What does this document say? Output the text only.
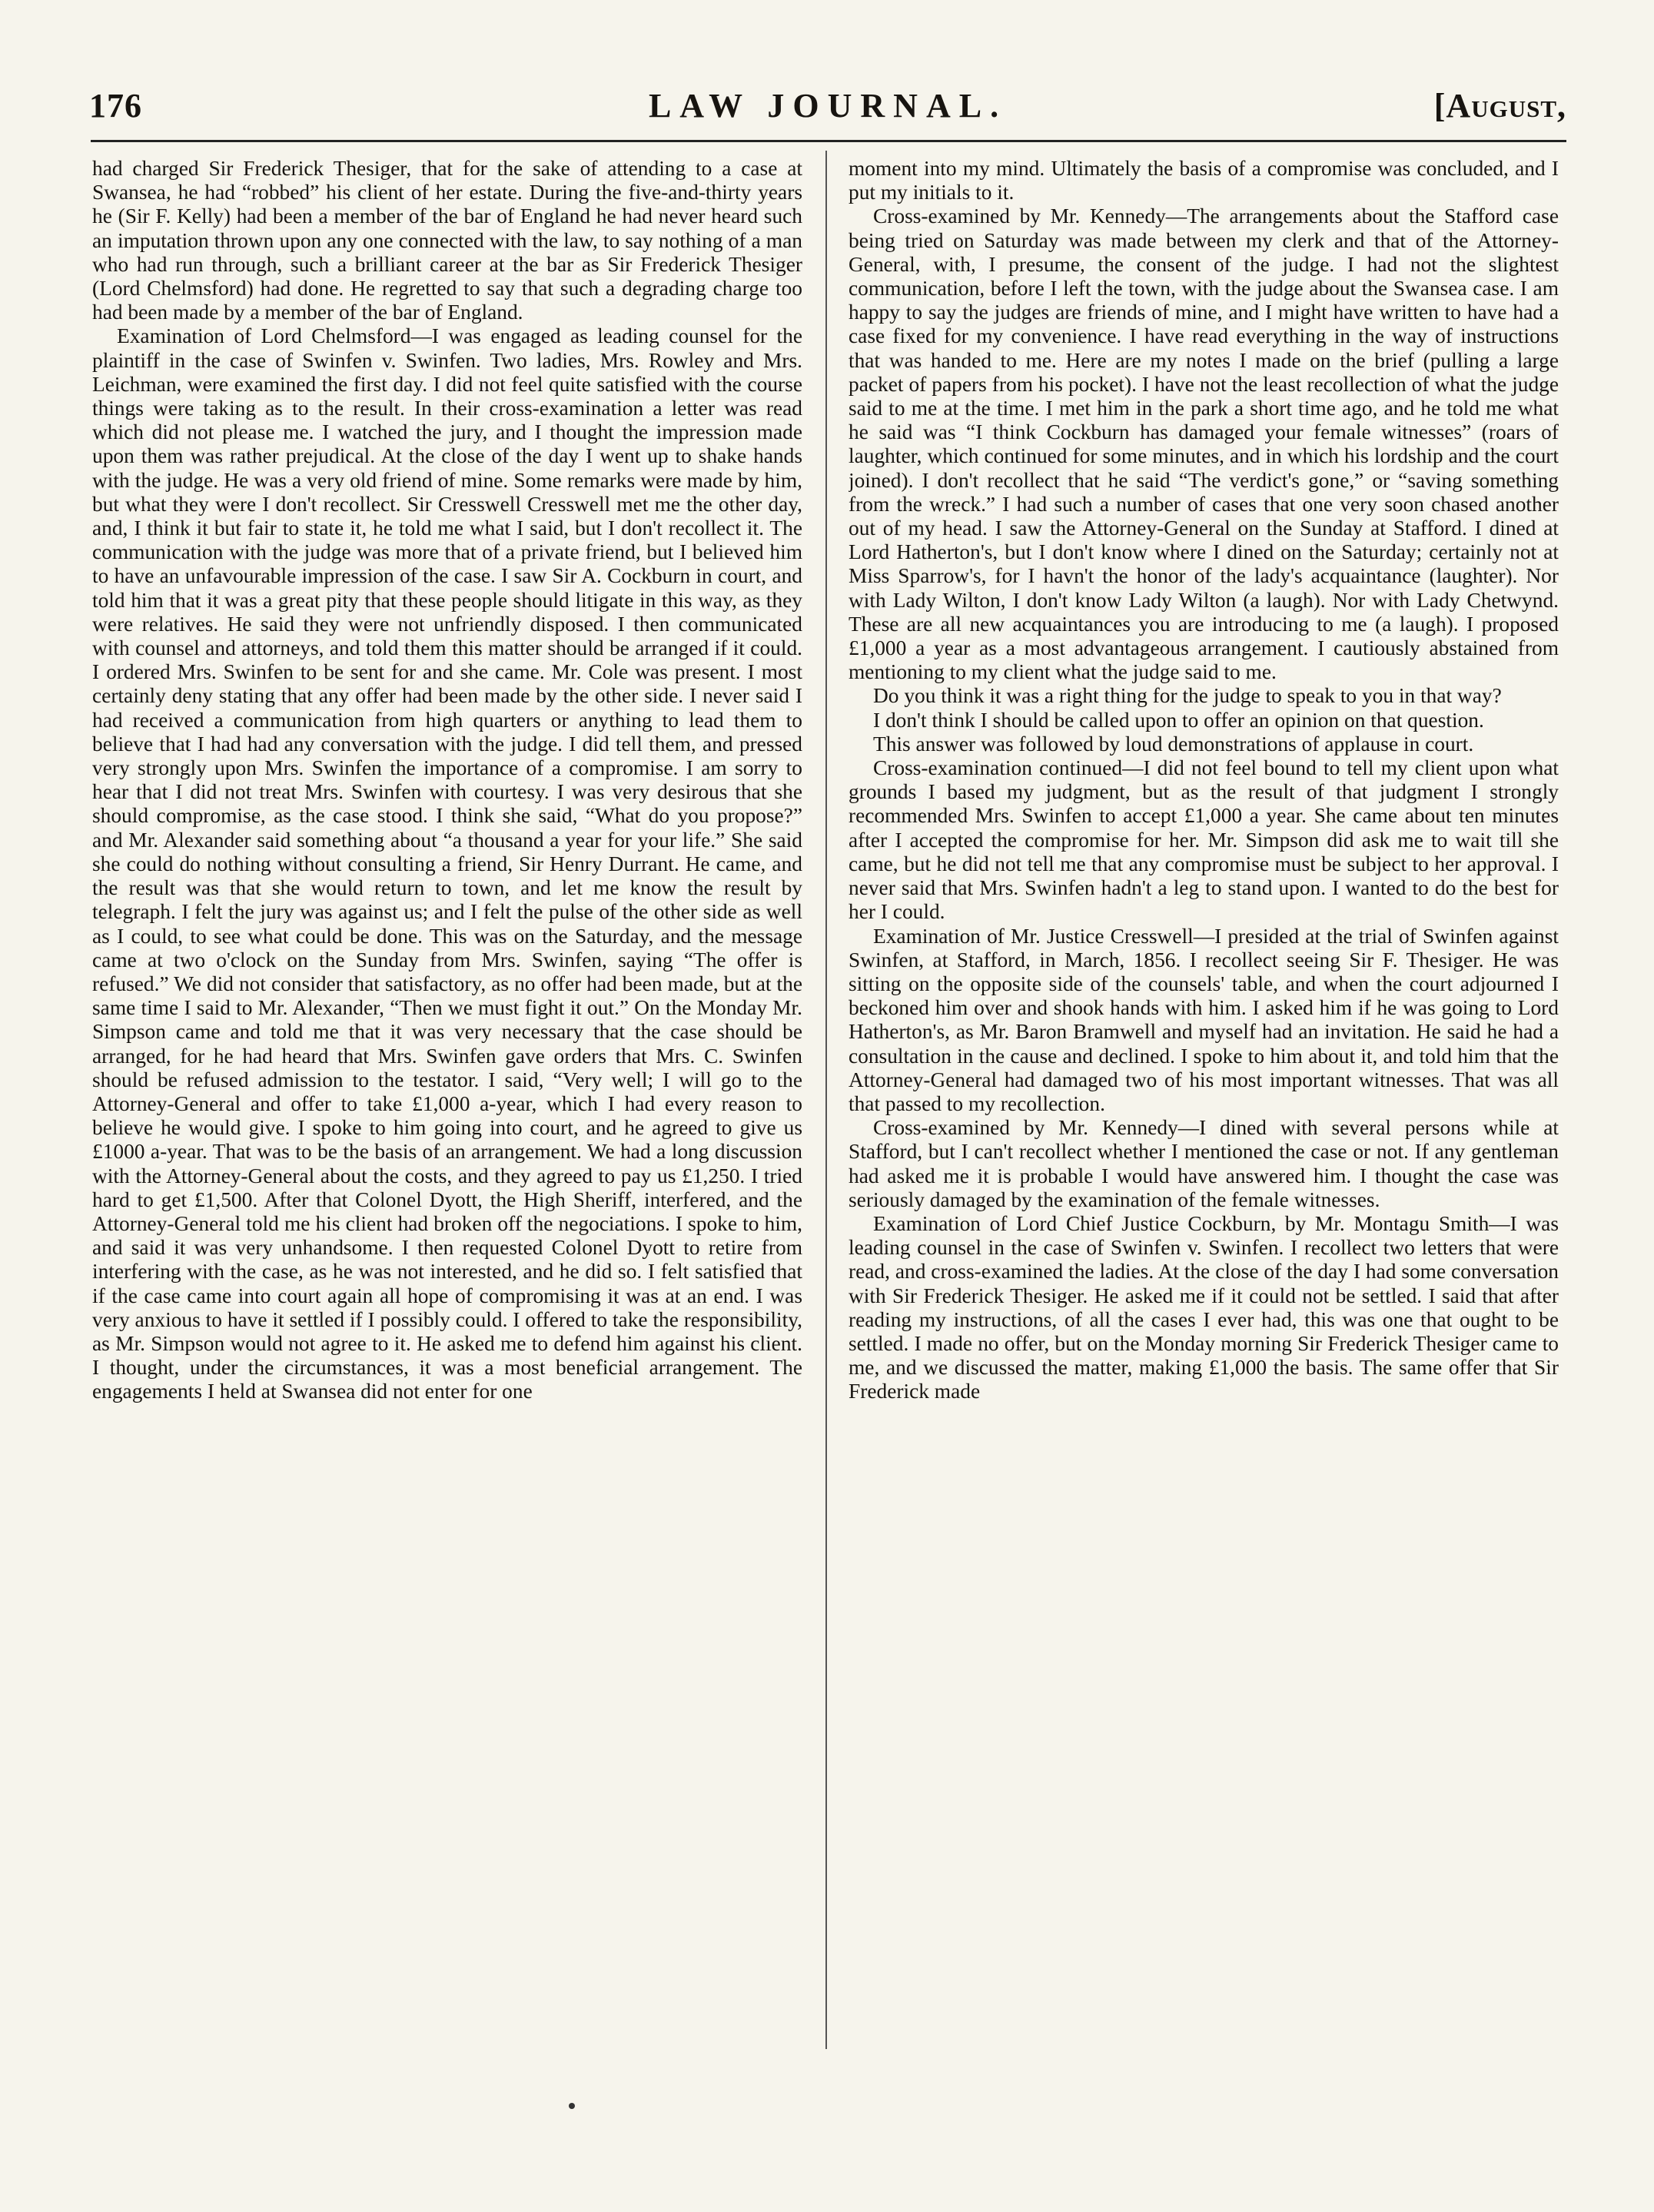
176	LAW JOURNAL.	[August,

had charged Sir Frederick Thesiger, that for the sake of attending to a case at Swansea, he had “robbed” his client of her estate. During the five-and-thirty years he (Sir F. Kelly) had been a member of the bar of England he had never heard such an imputation thrown upon any one connected with the law, to say nothing of a man who had run through, such a brilliant career at the bar as Sir Frederick Thesiger (Lord Chelmsford) had done. He regretted to say that such a degrading charge too had been made by a member of the bar of England.

Examination of Lord Chelmsford—I was engaged as leading counsel for the plaintiff in the case of Swinfen v. Swinfen. Two ladies, Mrs. Rowley and Mrs. Leichman, were examined the first day. I did not feel quite satisfied with the course things were taking as to the result. In their cross-examination a letter was read which did not please me. I watched the jury, and I thought the impression made upon them was rather prejudical. At the close of the day I went up to shake hands with the judge. He was a very old friend of mine. Some remarks were made by him, but what they were I don't recollect. Sir Cresswell Cresswell met me the other day, and, I think it but fair to state it, he told me what I said, but I don't recollect it. The communication with the judge was more that of a private friend, but I believed him to have an unfavourable impression of the case. I saw Sir A. Cockburn in court, and told him that it was a great pity that these people should litigate in this way, as they were relatives. He said they were not unfriendly disposed. I then communicated with counsel and attorneys, and told them this matter should be arranged if it could. I ordered Mrs. Swinfen to be sent for and she came. Mr. Cole was present. I most certainly deny stating that any offer had been made by the other side. I never said I had received a communication from high quarters or anything to lead them to believe that I had had any conversation with the judge. I did tell them, and pressed very strongly upon Mrs. Swinfen the importance of a compromise. I am sorry to hear that I did not treat Mrs. Swinfen with courtesy. I was very desirous that she should compromise, as the case stood. I think she said, “What do you propose?” and Mr. Alexander said something about “a thousand a year for your life.” She said she could do nothing without consulting a friend, Sir Henry Durrant. He came, and the result was that she would return to town, and let me know the result by telegraph. I felt the jury was against us; and I felt the pulse of the other side as well as I could, to see what could be done. This was on the Saturday, and the message came at two o'clock on the Sunday from Mrs. Swinfen, saying “The offer is refused.” We did not consider that satisfactory, as no offer had been made, but at the same time I said to Mr. Alexander, “Then we must fight it out.” On the Monday Mr. Simpson came and told me that it was very necessary that the case should be arranged, for he had heard that Mrs. Swinfen gave orders that Mrs. C. Swinfen should be refused admission to the testator. I said, “Very well; I will go to the Attorney-General and offer to take £1,000 a-year, which I had every reason to believe he would give. I spoke to him going into court, and he agreed to give us £1000 a-year. That was to be the basis of an arrangement. We had a long discussion with the Attorney-General about the costs, and they agreed to pay us £1,250. I tried hard to get £1,500. After that Colonel Dyott, the High Sheriff, interfered, and the Attorney-General told me his client had broken off the negociations. I spoke to him, and said it was very unhandsome. I then requested Colonel Dyott to retire from interfering with the case, as he was not interested, and he did so. I felt satisfied that if the case came into court again all hope of compromising it was at an end. I was very anxious to have it settled if I possibly could. I offered to take the responsibility, as Mr. Simpson would not agree to it. He asked me to defend him against his client. I thought, under the circumstances, it was a most beneficial arrangement. The engagements I held at Swansea did not enter for one

moment into my mind. Ultimately the basis of a compromise was concluded, and I put my initials to it.

Cross-examined by Mr. Kennedy—The arrangements about the Stafford case being tried on Saturday was made between my clerk and that of the Attorney-General, with, I presume, the consent of the judge. I had not the slightest communication, before I left the town, with the judge about the Swansea case. I am happy to say the judges are friends of mine, and I might have written to have had a case fixed for my convenience. I have read everything in the way of instructions that was handed to me. Here are my notes I made on the brief (pulling a large packet of papers from his pocket). I have not the least recollection of what the judge said to me at the time. I met him in the park a short time ago, and he told me what he said was “I think Cockburn has damaged your female witnesses” (roars of laughter, which continued for some minutes, and in which his lordship and the court joined). I don't recollect that he said “The verdict's gone,” or “saving something from the wreck.” I had such a number of cases that one very soon chased another out of my head. I saw the Attorney-General on the Sunday at Stafford. I dined at Lord Hatherton's, but I don't know where I dined on the Saturday; certainly not at Miss Sparrow's, for I havn't the honor of the lady's acquaintance (laughter). Nor with Lady Wilton, I don't know Lady Wilton (a laugh). Nor with Lady Chetwynd. These are all new acquaintances you are introducing to me (a laugh). I proposed £1,000 a year as a most advantageous arrangement. I cautiously abstained from mentioning to my client what the judge said to me.

Do you think it was a right thing for the judge to speak to you in that way?

I don't think I should be called upon to offer an opinion on that question.

This answer was followed by loud demonstrations of applause in court.

Cross-examination continued—I did not feel bound to tell my client upon what grounds I based my judgment, but as the result of that judgment I strongly recommended Mrs. Swinfen to accept £1,000 a year. She came about ten minutes after I accepted the compromise for her. Mr. Simpson did ask me to wait till she came, but he did not tell me that any compromise must be subject to her approval. I never said that Mrs. Swinfen hadn't a leg to stand upon. I wanted to do the best for her I could.

Examination of Mr. Justice Cresswell—I presided at the trial of Swinfen against Swinfen, at Stafford, in March, 1856. I recollect seeing Sir F. Thesiger. He was sitting on the opposite side of the counsels' table, and when the court adjourned I beckoned him over and shook hands with him. I asked him if he was going to Lord Hatherton's, as Mr. Baron Bramwell and myself had an invitation. He said he had a consultation in the cause and declined. I spoke to him about it, and told him that the Attorney-General had damaged two of his most important witnesses. That was all that passed to my recollection.

Cross-examined by Mr. Kennedy—I dined with several persons while at Stafford, but I can't recollect whether I mentioned the case or not. If any gentleman had asked me it is probable I would have answered him. I thought the case was seriously damaged by the examination of the female witnesses.

Examination of Lord Chief Justice Cockburn, by Mr. Montagu Smith—I was leading counsel in the case of Swinfen v. Swinfen. I recollect two letters that were read, and cross-examined the ladies. At the close of the day I had some conversation with Sir Frederick Thesiger. He asked me if it could not be settled. I said that after reading my instructions, of all the cases I ever had, this was one that ought to be settled. I made no offer, but on the Monday morning Sir Frederick Thesiger came to me, and we discussed the matter, making £1,000 the basis. The same offer that Sir Frederick made
